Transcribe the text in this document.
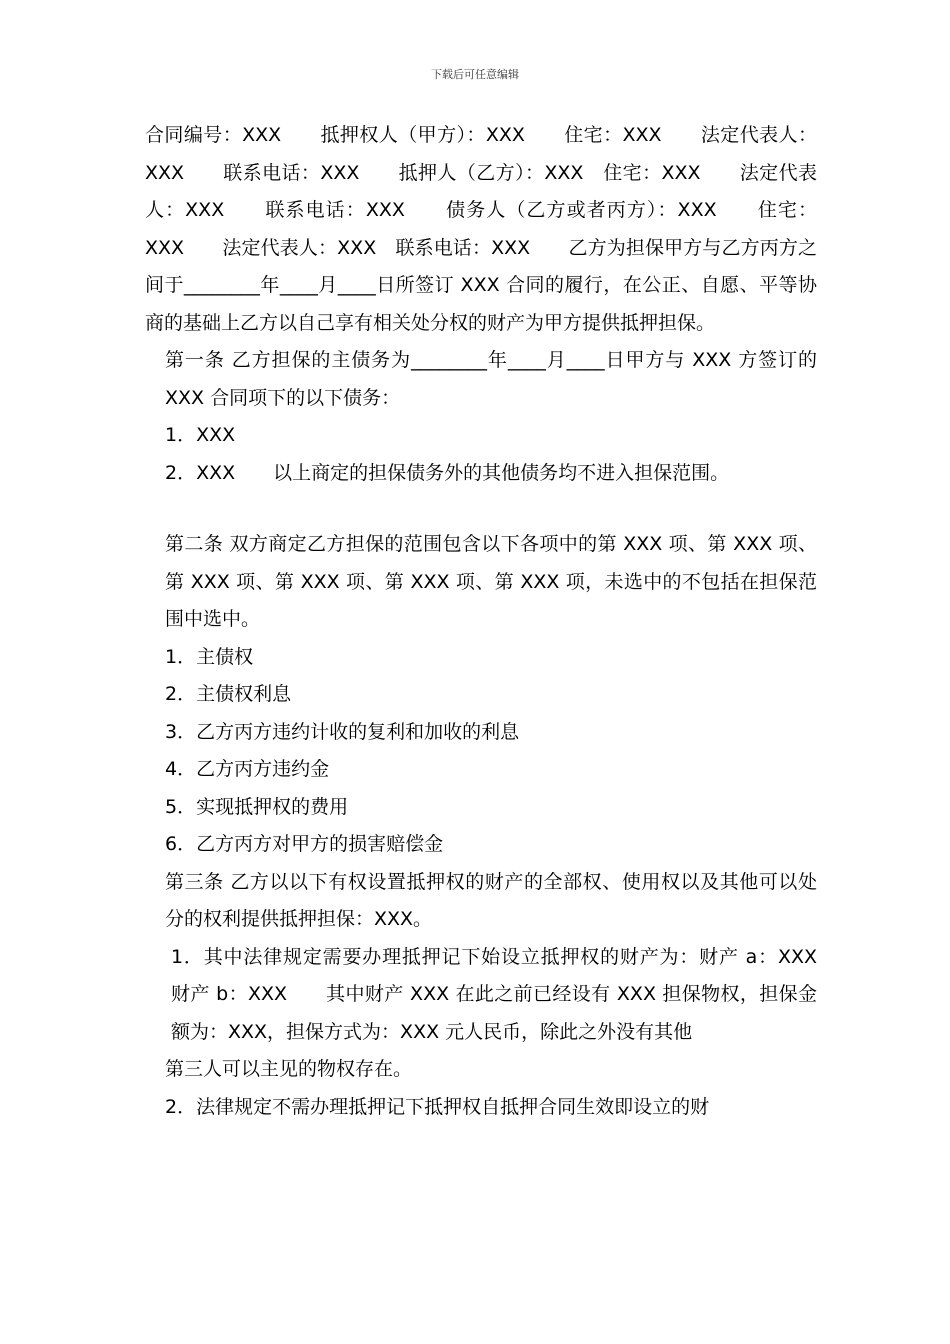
下载后可任意编辑

合同编号：XXX　　抵押权人（甲方）：XXX　　住宅：XXX　　法定代表人：XXX　　联系电话：XXX　　抵押人（乙方）：XXX　住宅：XXX　　法定代表人：XXX　　联系电话：XXX　　债务人（乙方或者丙方）：XXX　　住宅：XXX　　法定代表人：XXX　联系电话：XXX　　乙方为担保甲方与乙方丙方之间于________年____月____日所签订 XXX 合同的履行，在公正、自愿、平等协商的基础上乙方以自己享有相关处分权的财产为甲方提供抵押担保。

第一条 乙方担保的主债务为________年____月____日甲方与 XXX 方签订的 XXX 合同项下的以下债务：

1．XXX

2．XXX　　以上商定的担保债务外的其他债务均不进入担保范围。

第二条 双方商定乙方担保的范围包含以下各项中的第 XXX 项、第 XXX 项、第 XXX 项、第 XXX 项、第 XXX 项、第 XXX 项，未选中的不包括在担保范围中选中。

1．主债权

2．主债权利息

3．乙方丙方违约计收的复利和加收的利息

4．乙方丙方违约金

5．实现抵押权的费用

6．乙方丙方对甲方的损害赔偿金

第三条 乙方以以下有权设置抵押权的财产的全部权、使用权以及其他可以处分的权利提供抵押担保：XXX。

1．其中法律规定需要办理抵押记下始设立抵押权的财产为：财产 a：XXX　　财产 b：XXX　　其中财产 XXX 在此之前已经设有 XXX 担保物权，担保金额为：XXX，担保方式为：XXX 元人民币，除此之外没有其他

第三人可以主见的物权存在。

2．法律规定不需办理抵押记下抵押权自抵押合同生效即设立的财
